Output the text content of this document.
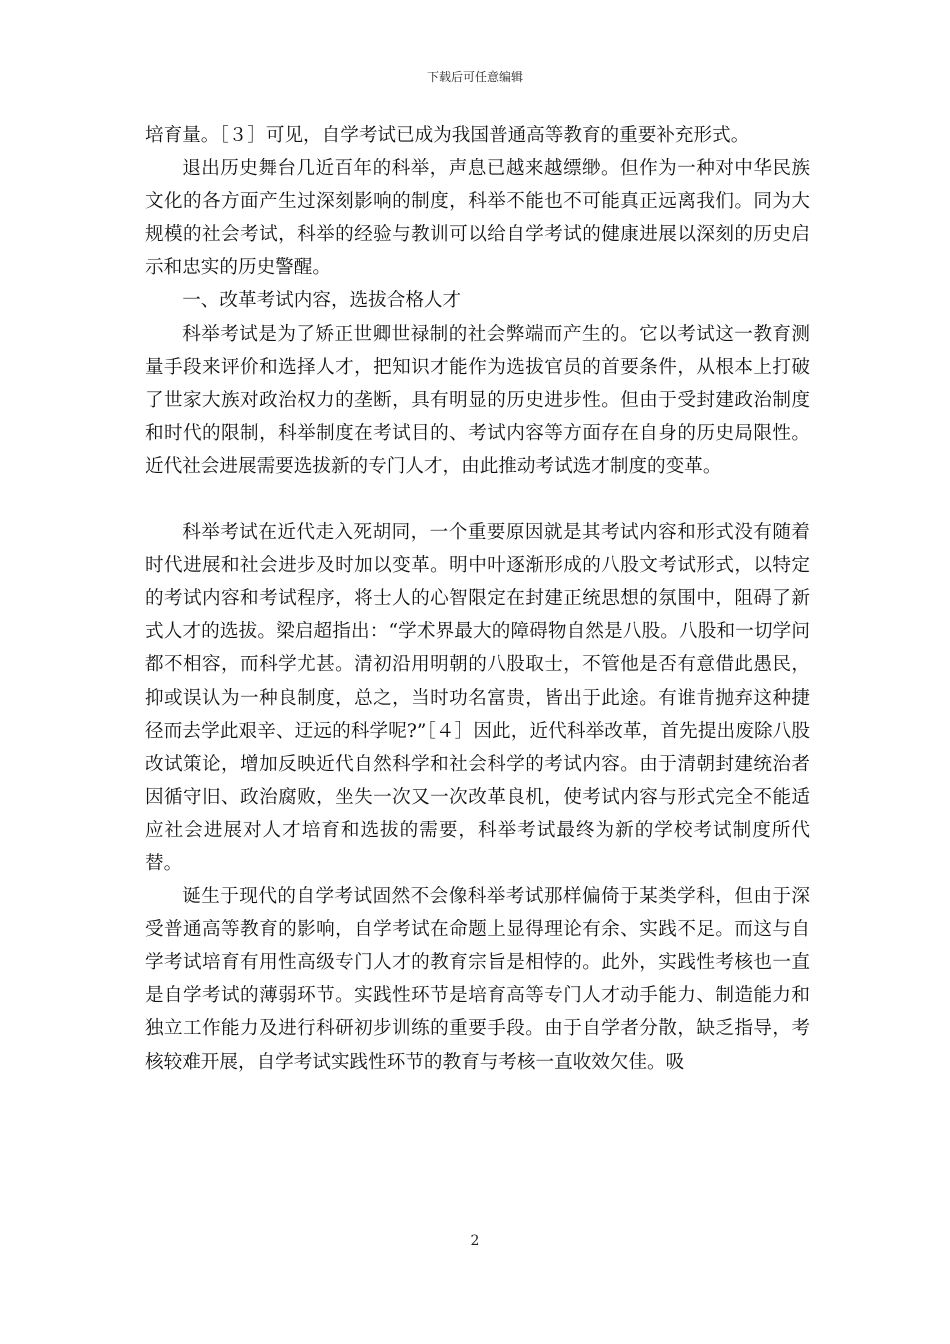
下载后可任意编辑

培育量。［３］可见，自学考试已成为我国普通高等教育的重要补充形式。

退出历史舞台几近百年的科举，声息已越来越缥缈。但作为一种对中华民族文化的各方面产生过深刻影响的制度，科举不能也不可能真正远离我们。同为大规模的社会考试，科举的经验与教训可以给自学考试的健康进展以深刻的历史启示和忠实的历史警醒。

一、改革考试内容，选拔合格人才

科举考试是为了矫正世卿世禄制的社会弊端而产生的。它以考试这一教育测量手段来评价和选择人才，把知识才能作为选拔官员的首要条件，从根本上打破了世家大族对政治权力的垄断，具有明显的历史进步性。但由于受封建政治制度和时代的限制，科举制度在考试目的、考试内容等方面存在自身的历史局限性。近代社会进展需要选拔新的专门人才，由此推动考试选才制度的变革。

科举考试在近代走入死胡同，一个重要原因就是其考试内容和形式没有随着时代进展和社会进步及时加以变革。明中叶逐渐形成的八股文考试形式，以特定的考试内容和考试程序，将士人的心智限定在封建正统思想的氛围中，阻碍了新式人才的选拔。梁启超指出：“学术界最大的障碍物自然是八股。八股和一切学问都不相容，而科学尤甚。清初沿用明朝的八股取士，不管他是否有意借此愚民，抑或误认为一种良制度，总之，当时功名富贵，皆出于此途。有谁肯抛弃这种捷径而去学此艰辛、迂远的科学呢?”［４］因此，近代科举改革，首先提出废除八股改试策论，增加反映近代自然科学和社会科学的考试内容。由于清朝封建统治者因循守旧、政治腐败，坐失一次又一次改革良机，使考试内容与形式完全不能适应社会进展对人才培育和选拔的需要，科举考试最终为新的学校考试制度所代替。

诞生于现代的自学考试固然不会像科举考试那样偏倚于某类学科，但由于深受普通高等教育的影响，自学考试在命题上显得理论有余、实践不足。而这与自学考试培育有用性高级专门人才的教育宗旨是相悖的。此外，实践性考核也一直是自学考试的薄弱环节。实践性环节是培育高等专门人才动手能力、制造能力和独立工作能力及进行科研初步训练的重要手段。由于自学者分散，缺乏指导，考核较难开展，自学考试实践性环节的教育与考核一直收效欠佳。吸

2
